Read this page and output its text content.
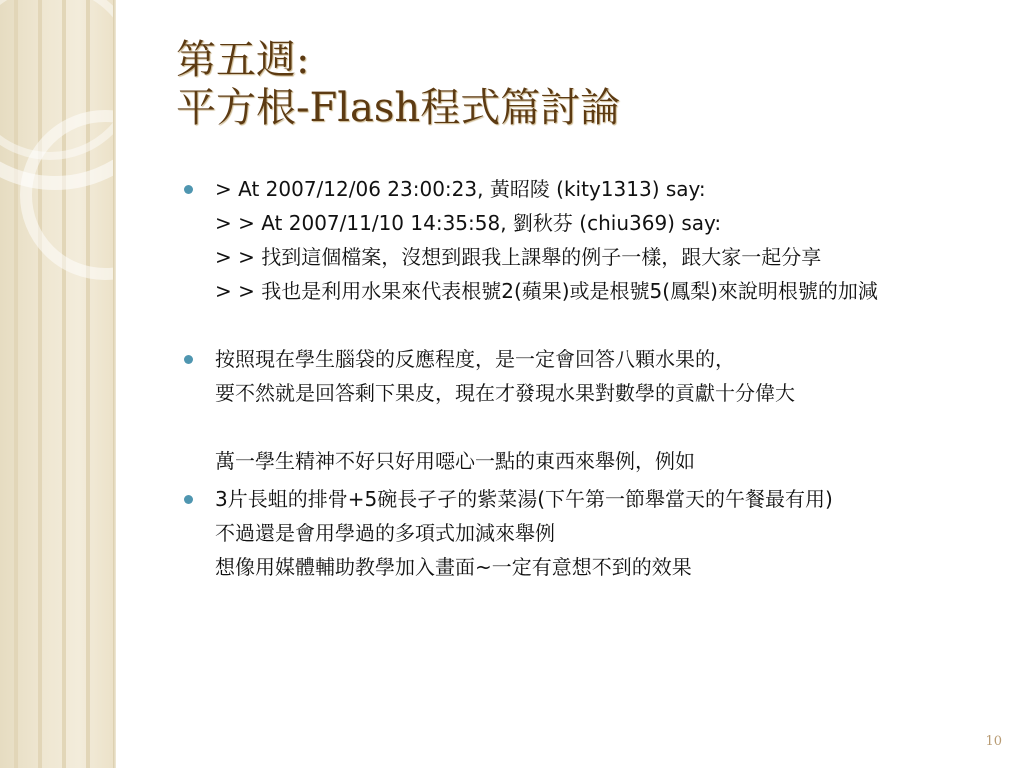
第五週:
平方根-Flash程式篇討論
> At 2007/12/06 23:00:23, 黃昭陵 (kity1313) say:
> > At 2007/11/10 14:35:58, 劉秋芬 (chiu369) say:
> > 找到這個檔案，沒想到跟我上課舉的例子一樣，跟大家一起分享
> > 我也是利用水果來代表根號2(蘋果)或是根號5(鳳梨)來說明根號的加減
按照現在學生腦袋的反應程度，是一定會回答八顆水果的，
要不然就是回答剩下果皮，現在才發現水果對數學的貢獻十分偉大
萬一學生精神不好只好用噁心一點的東西來舉例，例如
3片長蛆的排骨+5碗長孑孑的紫菜湯(下午第一節舉當天的午餐最有用)
不過還是會用學過的多項式加減來舉例
想像用媒體輔助教學加入畫面~一定有意想不到的效果
10
